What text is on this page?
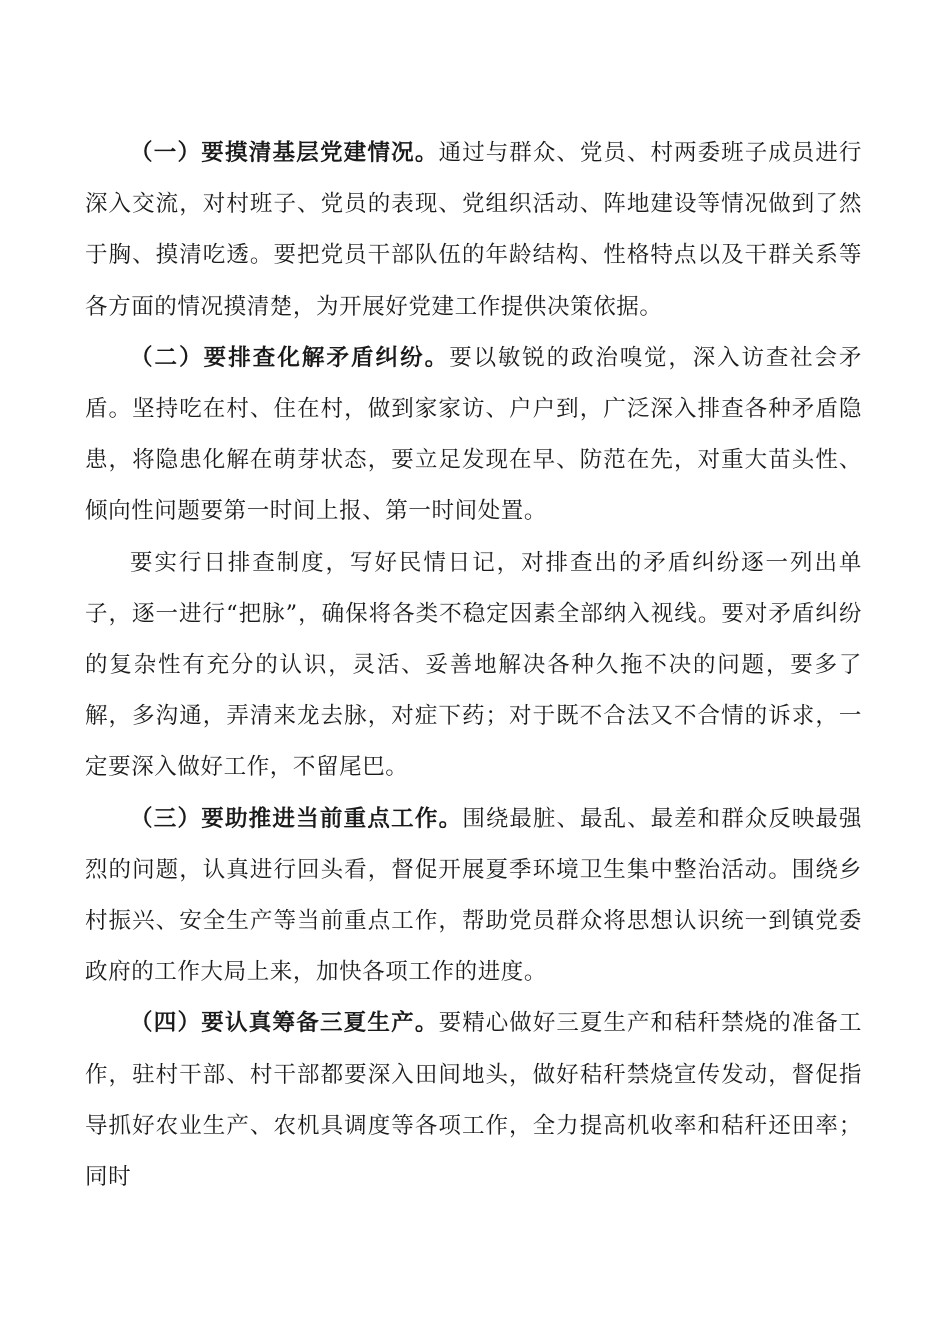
（一）要摸清基层党建情况。通过与群众、党员、村两委班子成员进行深入交流，对村班子、党员的表现、党组织活动、阵地建设等情况做到了然于胸、摸清吃透。要把党员干部队伍的年龄结构、性格特点以及干群关系等各方面的情况摸清楚，为开展好党建工作提供决策依据。

（二）要排查化解矛盾纠纷。要以敏锐的政治嗅觉，深入访查社会矛盾。坚持吃在村、住在村，做到家家访、户户到，广泛深入排查各种矛盾隐患，将隐患化解在萌芽状态，要立足发现在早、防范在先，对重大苗头性、倾向性问题要第一时间上报、第一时间处置。

要实行日排查制度，写好民情日记，对排查出的矛盾纠纷逐一列出单子，逐一进行“把脉”，确保将各类不稳定因素全部纳入视线。要对矛盾纠纷的复杂性有充分的认识，灵活、妥善地解决各种久拖不决的问题，要多了解，多沟通，弄清来龙去脉，对症下药；对于既不合法又不合情的诉求，一定要深入做好工作，不留尾巴。

（三）要助推进当前重点工作。围绕最脏、最乱、最差和群众反映最强烈的问题，认真进行回头看，督促开展夏季环境卫生集中整治活动。围绕乡村振兴、安全生产等当前重点工作，帮助党员群众将思想认识统一到镇党委政府的工作大局上来，加快各项工作的进度。

（四）要认真筹备三夏生产。要精心做好三夏生产和秸秆禁烧的准备工作，驻村干部、村干部都要深入田间地头，做好秸秆禁烧宣传发动，督促指导抓好农业生产、农机具调度等各项工作，全力提高机收率和秸秆还田率；同时
